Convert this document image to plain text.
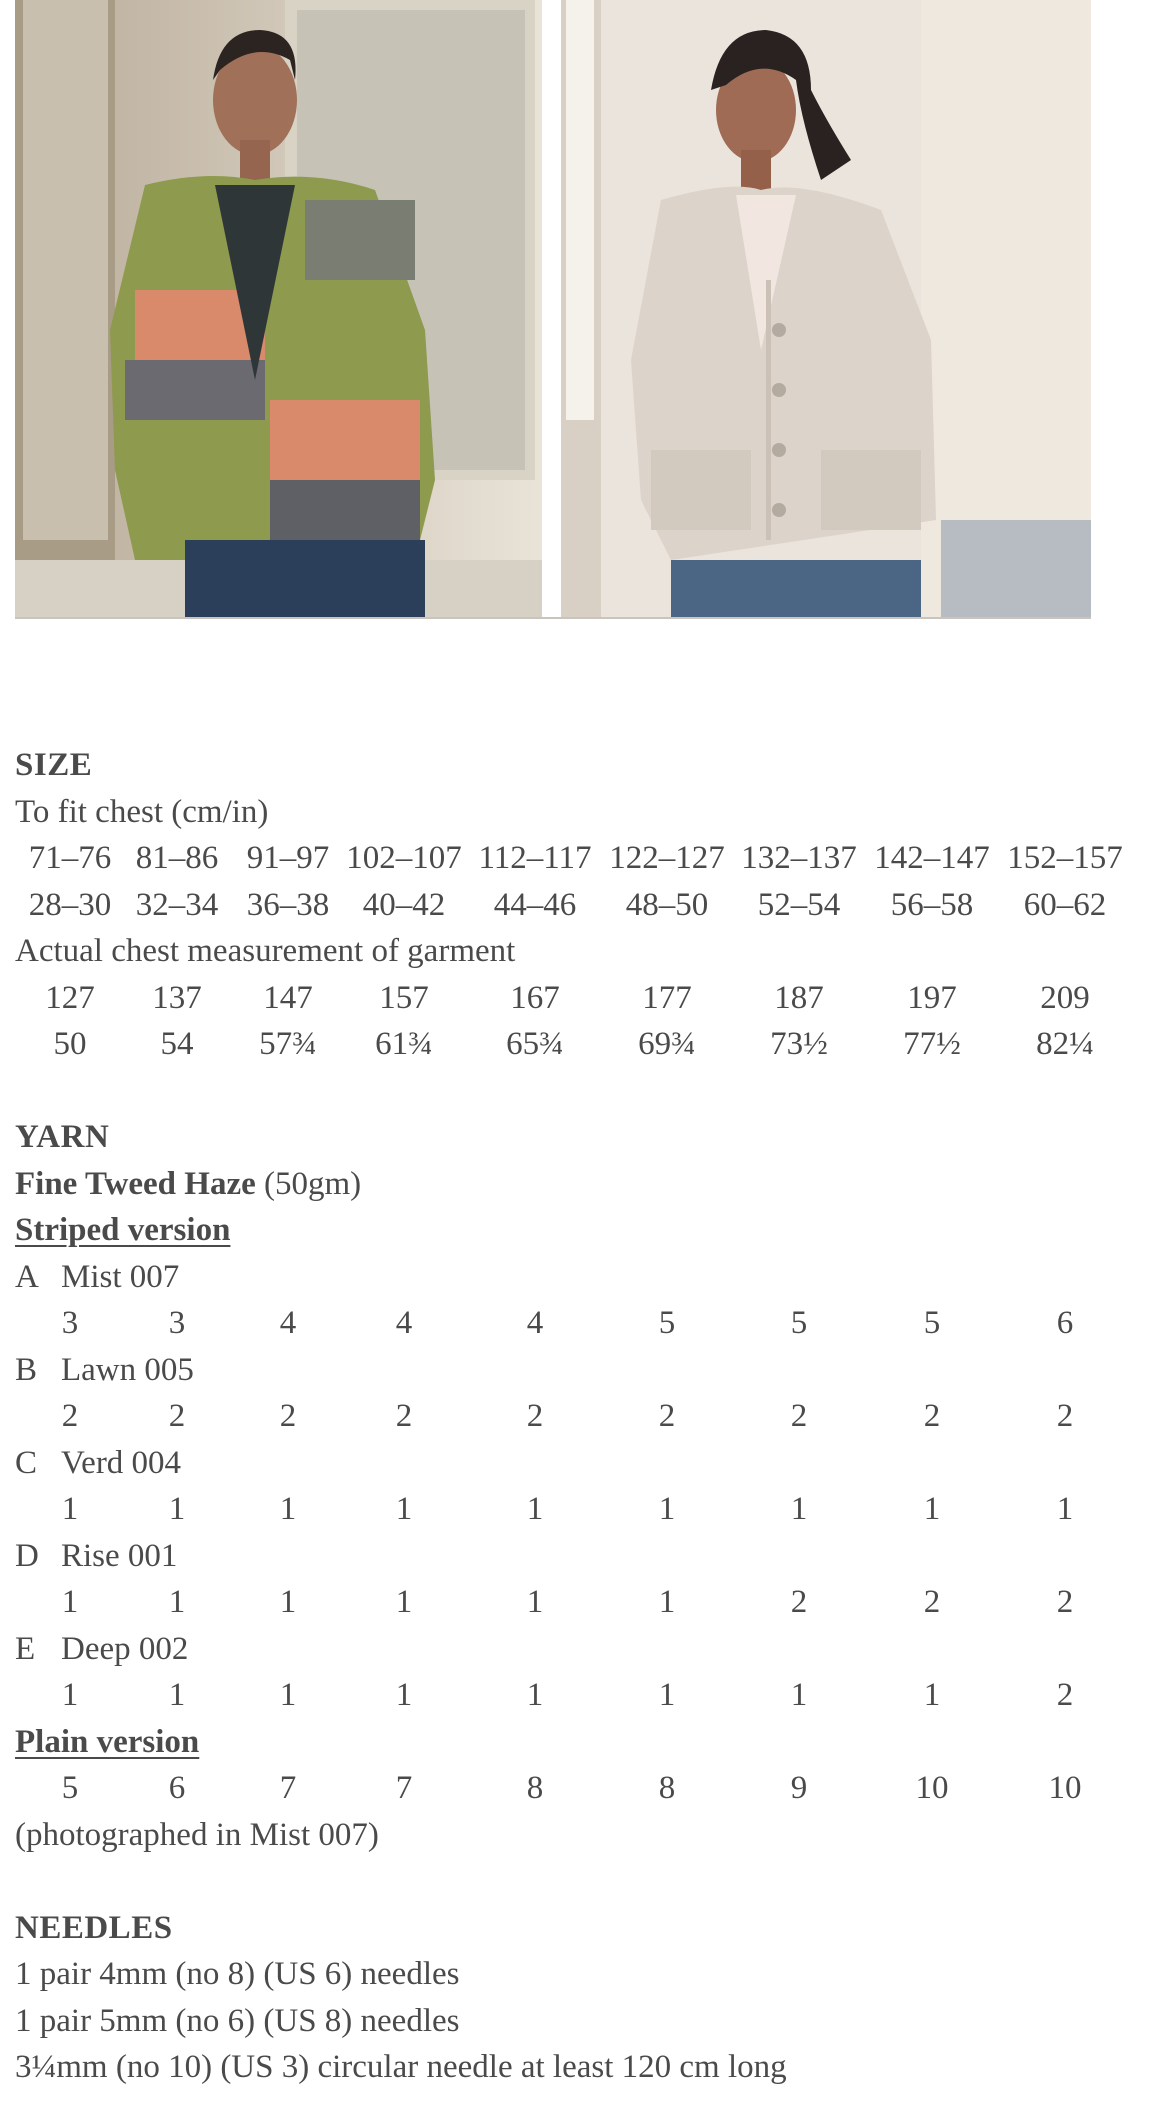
SIZE
To fit chest (cm/in)
71–76 81–86 91–97 102–107 112–117 122–127 132–137 142–147 152–157
28–30 32–34 36–38 40–42 44–46 48–50 52–54 56–58 60–62
Actual chest measurement of garment
127 137 147 157 167	177	187	197	209
50 54 57¾ 61¾ 65¾ 69¾ 73½ 77½ 82¼
YARN
Fine Tweed Haze (50gm)
Striped version
A Mist 007
3	3	4	4	4	5	5	5	6
B Lawn 005
2	2	2	2	2	2	2	2	2
C Verd 004
1	1	1	1	1	1	1	1	1
D Rise 001
1	1	1	1	1	1	2	2	2
E Deep 002
1	1	1	1	1	1	1	1	2
Plain version
5	6	7	7	8	8	9	10	10
(photographed in Mist 007)
NEEDLES
1 pair 4mm (no 8) (US 6) needles
1 pair 5mm (no 6) (US 8) needles
3¼mm (no 10) (US 3) circular needle at least 120 cm long
